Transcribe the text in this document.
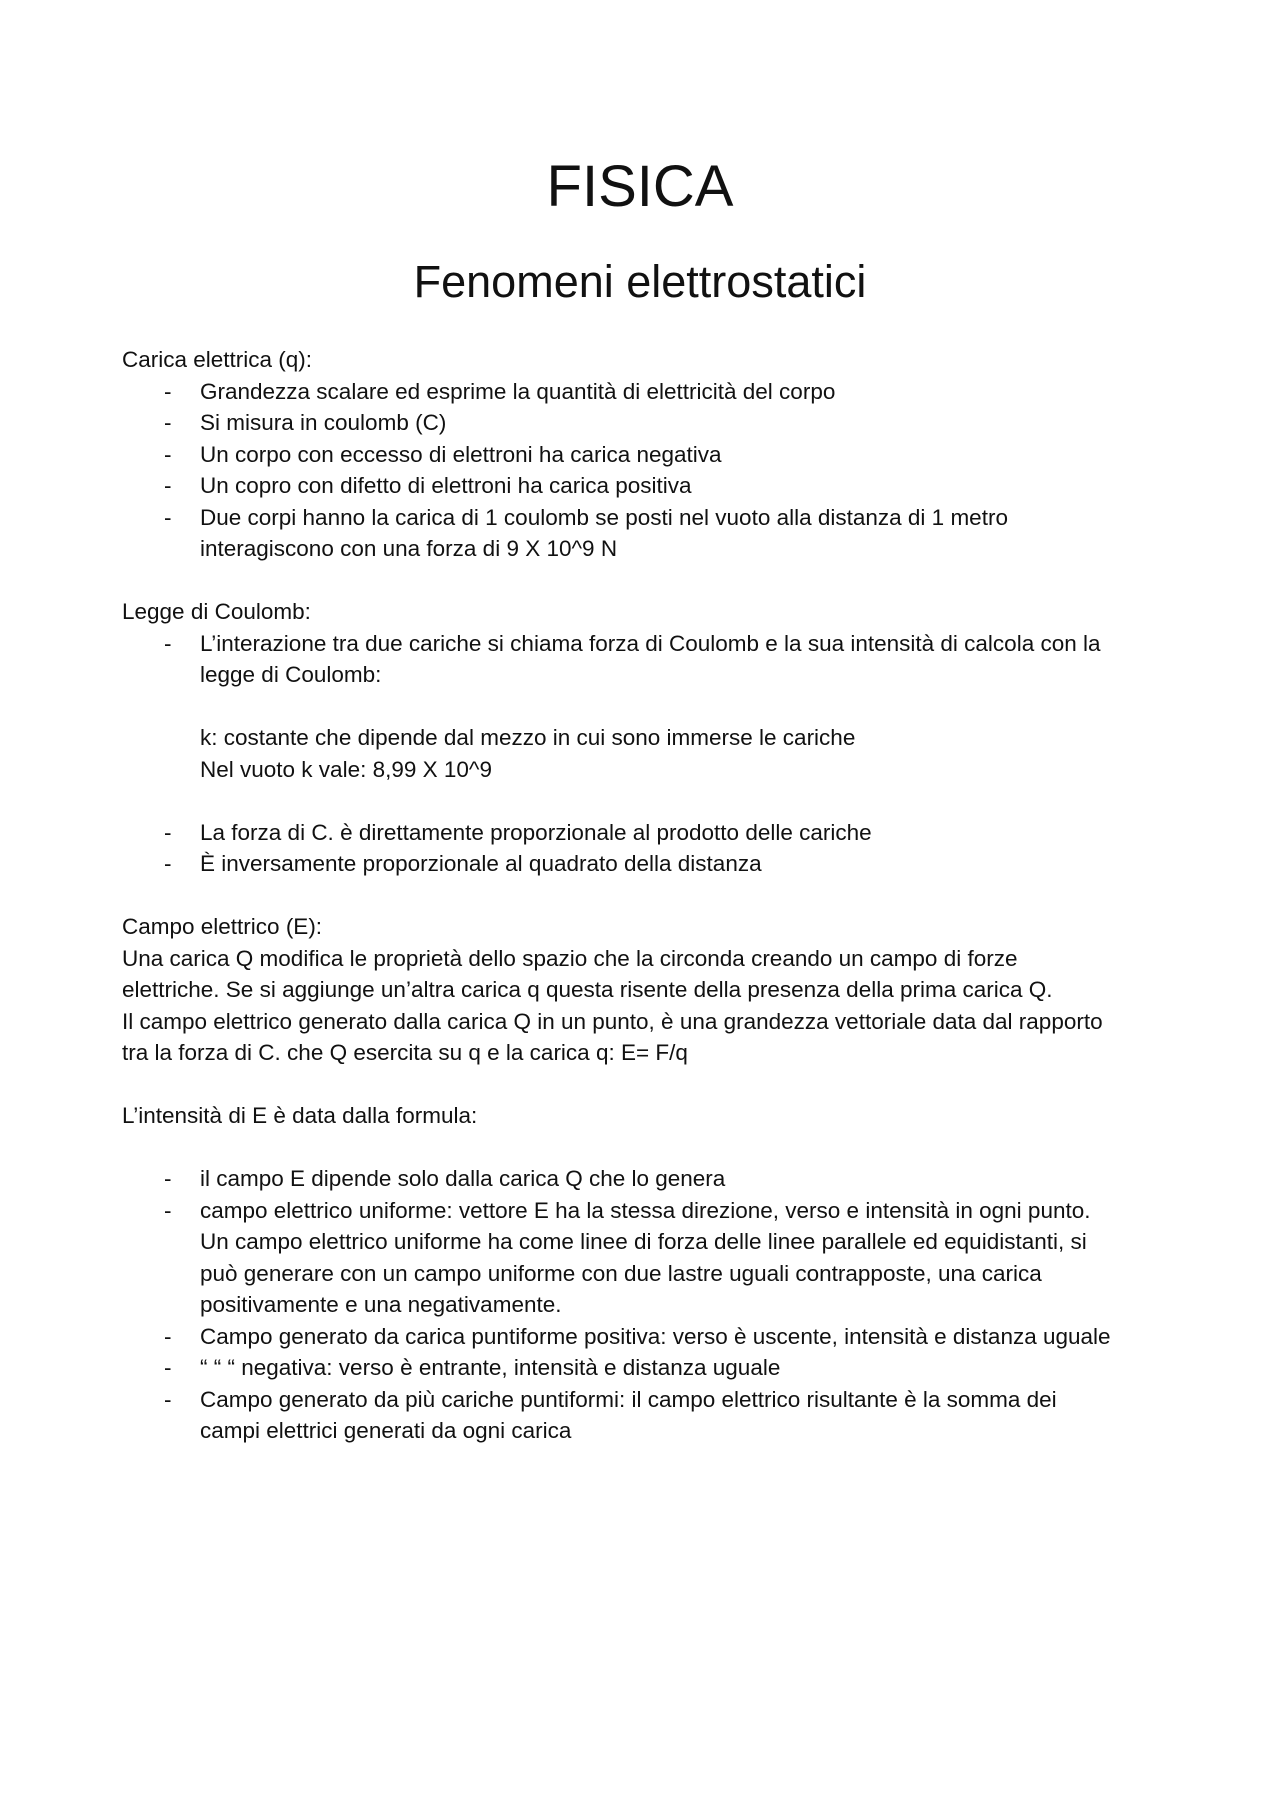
FISICA
Fenomeni elettrostatici
Carica elettrica (q):
-	Grandezza scalare ed esprime la quantità di elettricità del corpo
-	Si misura in coulomb (C)
-	Un corpo con eccesso di elettroni ha carica negativa
-	Un copro con difetto di elettroni ha carica positiva
-	Due corpi hanno la carica di 1 coulomb se posti nel vuoto alla distanza di 1 metro
interagiscono con una forza di 9 X 10^9 N
Legge di Coulomb:
-	L’interazione tra due cariche si chiama forza di Coulomb e la sua intensità di calcola con la
legge di Coulomb:
k: costante che dipende dal mezzo in cui sono immerse le cariche
Nel vuoto k vale: 8,99 X 10^9
-	La forza di C. è direttamente proporzionale al prodotto delle cariche
-	È inversamente proporzionale al quadrato della distanza
Campo elettrico (E):
Una carica Q modifica le proprietà dello spazio che la circonda creando un campo di forze
elettriche. Se si aggiunge un’altra carica q questa risente della presenza della prima carica Q.
Il campo elettrico generato dalla carica Q in un punto, è una grandezza vettoriale data dal rapporto
tra la forza di C. che Q esercita su q e la carica q: E= F/q
L’intensità di E è data dalla formula:
-	il campo E dipende solo dalla carica Q che lo genera
-	campo elettrico uniforme: vettore E ha la stessa direzione, verso e intensità in ogni punto.
Un campo elettrico uniforme ha come linee di forza delle linee parallele ed equidistanti, si
può generare con un campo uniforme con due lastre uguali contrapposte, una carica
positivamente e una negativamente.
-	Campo generato da carica puntiforme positiva: verso è uscente, intensità e distanza uguale
-	“ “ “ negativa: verso è entrante, intensità e distanza uguale
-	Campo generato da più cariche puntiformi: il campo elettrico risultante è la somma dei
campi elettrici generati da ogni carica
